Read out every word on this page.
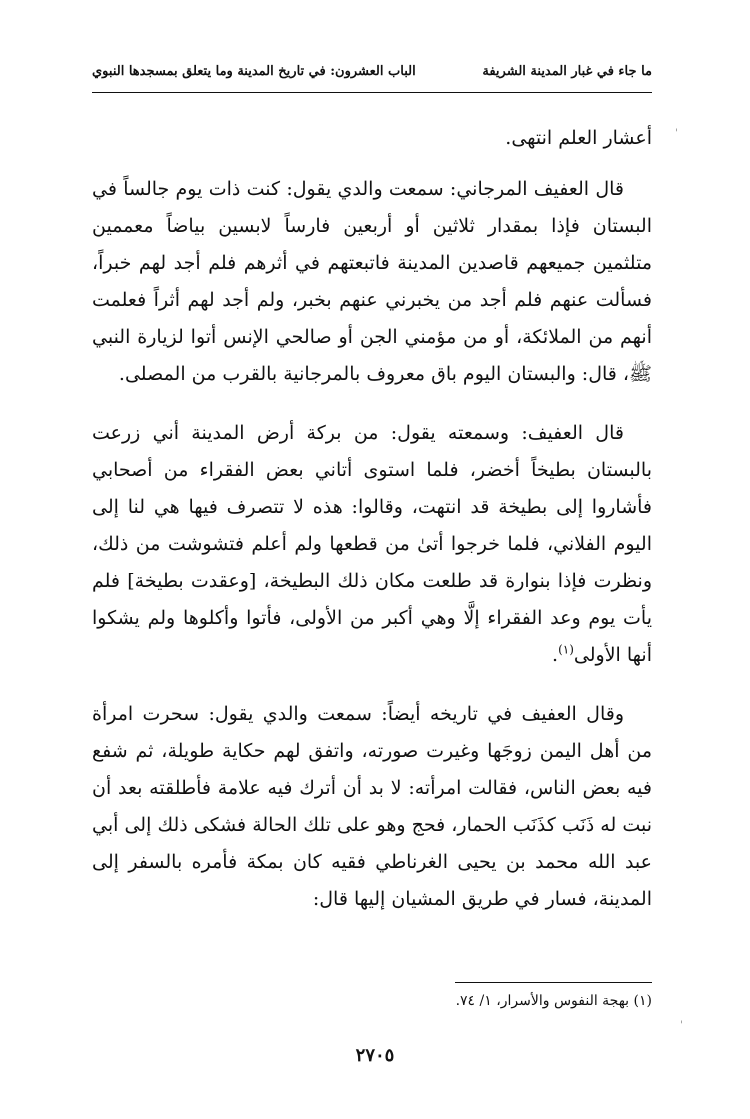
ما جاء في غبار المدينة الشريفة
الباب العشرون: في تاريخ المدينة وما يتعلق بمسجدها النبوي

أعشار العلم انتهى.

قال العفيف المرجاني: سمعت والدي يقول: كنت ذات يوم جالساً في البستان فإذا بمقدار ثلاثين أو أربعين فارساً لابسين بياضاً معممين متلثمين جميعهم قاصدين المدينة فاتبعتهم في أثرهم فلم أجد لهم خبراً، فسألت عنهم فلم أجد من يخبرني عنهم بخبر، ولم أجد لهم أثراً فعلمت أنهم من الملائكة، أو من مؤمني الجن أو صالحي الإنس أتوا لزيارة النبي ﷺ، قال: والبستان اليوم باق معروف بالمرجانية بالقرب من المصلى.

قال العفيف: وسمعته يقول: من بركة أرض المدينة أني زرعت بالبستان بطيخاً أخضر، فلما استوى أتاني بعض الفقراء من أصحابي فأشاروا إلى بطيخة قد انتهت، وقالوا: هذه لا تتصرف فيها هي لنا إلى اليوم الفلاني، فلما خرجوا أتىٰ من قطعها ولم أعلم فتشوشت من ذلك، ونظرت فإذا بنوارة قد طلعت مكان ذلك البطيخة، [وعقدت بطيخة] فلم يأت يوم وعد الفقراء إلَّا وهي أكبر من الأولى، فأتوا وأكلوها ولم يشكوا أنها الأولى$^{(١)}$.

وقال العفيف في تاريخه أيضاً: سمعت والدي يقول: سحرت امرأة من أهل اليمن زوجَها وغيرت صورته، واتفق لهم حكاية طويلة، ثم شفع فيه بعض الناس، فقالت امرأته: لا بد أن أترك فيه علامة فأطلقته بعد أن نبت له ذَنَب كذَنَب الحمار، فحج وهو على تلك الحالة فشكى ذلك إلى أبي عبد الله محمد بن يحيى الغرناطي فقيه كان بمكة فأمره بالسفر إلى المدينة، فسار في طريق المشيان إليها قال:

(١) بهجة النفوس والأسرار، ١/ ٧٤.
٢٧٠٥
'
'
